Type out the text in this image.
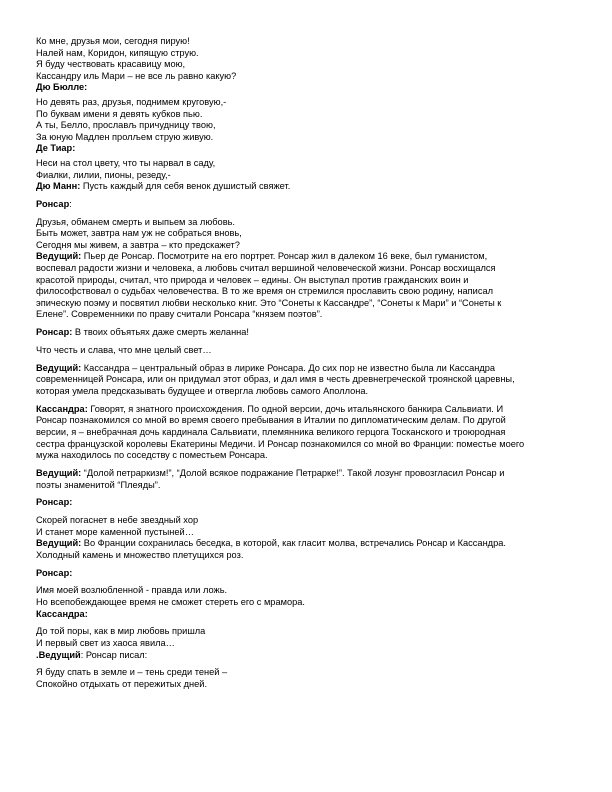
Ко мне, друзья мои, сегодня пирую!
Налей нам, Коридон, кипящую струю.
Я буду чествовать красавицу мою,
Кассандру иль Мари – не все ль равно какую?
Дю Бюлле:
Но девять раз, друзья, поднимем круговую,-
По буквам имени я девять кубков пью.
А ты, Белло, прослављ причудницу твою,
За юную Мадлен пролљем струю живую.
Де Тиар:
Неси на стол цвету, что ты нарвал в саду,
Фиалки, лилии, пионы, резеду,-
Дю Манн: Пусть каждый для себя венок душистый свяжет.
Ронсар:
Друзья, обманем смерть и выпьем за любовь.
Быть может, завтра нам уж не собраться вновь,
Сегодня мы живем, а завтра – кто предскажет?
Ведущий: Пьер де Ронсар. Посмотрите на его портрет. Ронсар жил в далеком 16 веке, был гуманистом,
воспевал радости жизни и человека, а любовь считал вершиной человеческой жизни. Ронсар восхищался
красотой природы, считал, что природа и человек – едины. Он выступал против гражданских воин и
философствовал о судьбах человечества. В то же время он стремился прославить свою родину, написал
эпическую поэму и посвятил любви несколько книг. Это “Сонеты к Кассандре”, “Сонеты к Мари” и “Сонеты к
Елене”. Современники по праву считали Ронсара “князем поэтов”.
Ронсар: В твоих объятьях даже смерть желанна!
Что честь и слава, что мне целый свет…
Ведущий: Кассандра – центральный образ в лирике Ронсара. До сих пор не известно была ли Кассандра
современницей Ронсара, или он придумал этот образ, и дал имя в честь древнегреческой троянской царевны,
которая умела предсказывать будущее и отвергла любовь самого Аполлона.
Кассандра: Говорят, я знатного происхождения. По одной версии, дочь итальянского банкира Сальвиати. И
Ронсар познакомился со мной во время своего пребывания в Италии по дипломатическим делам. По другой
версии, я – внебрачная дочь кардинала Сальвиати, племянника великого герцога Тосканского и троюродная
сестра французской королевы Екатерины Медичи. И Ронсар познакомился со мной во Франции: поместье моего
мужа находилось по соседству с поместьем Ронсара.
Ведущий: “Долой петраркизм!”, “Долой всякое подражание Петрарке!”. Такой лозунг провозгласил Ронсар и
поэты знаменитой “Плеяды”.
Ронсар:
Скорей погаснет в небе звездный хор
И станет море каменной пустыней…
Ведущий: Во Франции сохранилась беседка, в которой, как гласит молва, встречались Ронсар и Кассандра.
Холодный камень и множество плетущихся роз.
Ронсар:
Имя моей возлюбленной - правда или ложь.
Но всепобеждающее время не сможет стереть его с мрамора.
Кассандра:
До той поры, как в мир любовь пришла
И первый свет из хаоса явила…
.Ведущий: Ронсар писал:
Я буду спать в земле и – тень среди теней –
Спокойно отдыхать от пережитых дней.
